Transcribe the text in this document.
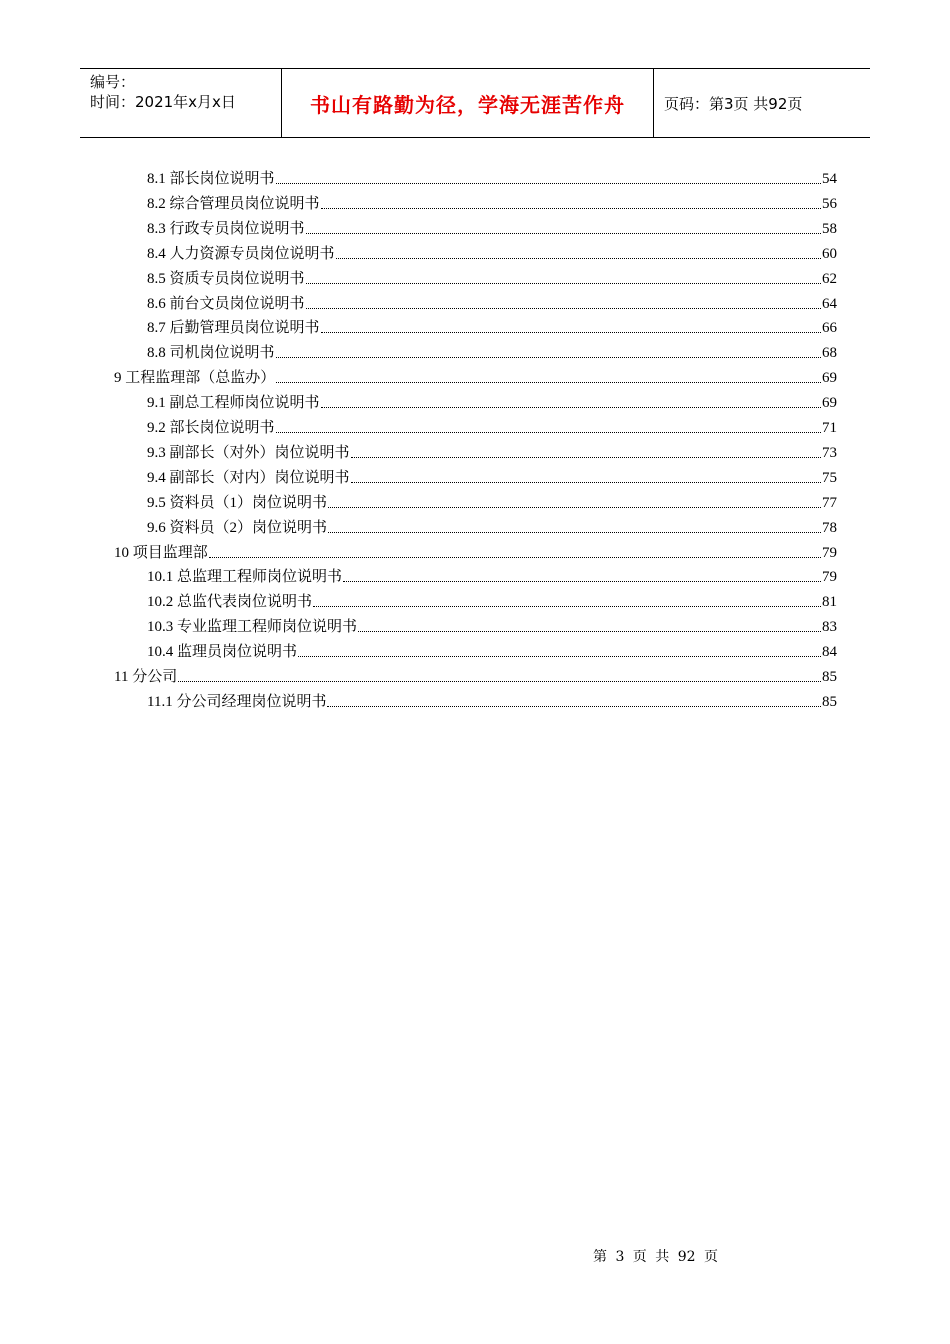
编号：
时间：2021年x月x日	书山有路勤为径，学海无涯苦作舟	页码：第3页 共92页
8.1 部长岗位说明书	54
8.2 综合管理员岗位说明书	56
8.3 行政专员岗位说明书	58
8.4 人力资源专员岗位说明书	60
8.5 资质专员岗位说明书	62
8.6 前台文员岗位说明书	64
8.7 后勤管理员岗位说明书	66
8.8 司机岗位说明书	68
9 工程监理部（总监办）	69
9.1 副总工程师岗位说明书	69
9.2 部长岗位说明书	71
9.3 副部长（对外）岗位说明书	73
9.4 副部长（对内）岗位说明书	75
9.5 资料员（1）岗位说明书	77
9.6 资料员（2）岗位说明书	78
10 项目监理部	79
10.1 总监理工程师岗位说明书	79
10.2 总监代表岗位说明书	81
10.3 专业监理工程师岗位说明书	83
10.4 监理员岗位说明书	84
11 分公司	85
11.1 分公司经理岗位说明书	85
第 3 页 共 92 页
